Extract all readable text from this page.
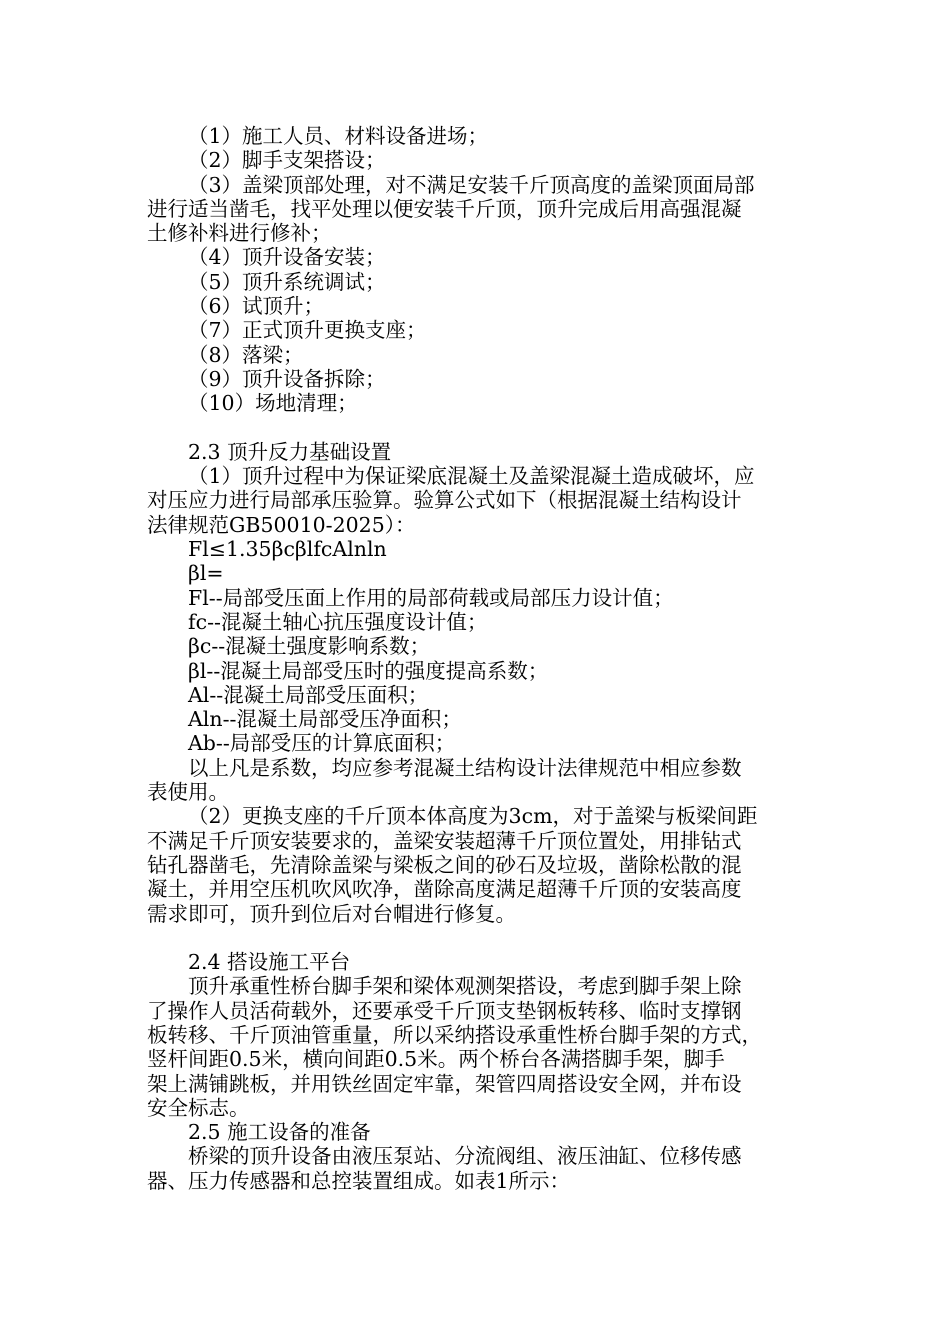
（1）施工人员、材料设备进场；
（2）脚手支架搭设；
（3）盖梁顶部处理，对不满足安装千斤顶高度的盖梁顶面局部
进行适当凿毛，找平处理以便安装千斤顶，顶升完成后用高强混凝
土修补料进行修补；
（4）顶升设备安装；
（5）顶升系统调试；
（6）试顶升；
（7）正式顶升更换支座；
（8）落梁；
（9）顶升设备拆除；
（10）场地清理；
2.3 顶升反力基础设置
（1）顶升过程中为保证梁底混凝土及盖梁混凝土造成破坏，应
对压应力进行局部承压验算。验算公式如下（根据混凝土结构设计
法律规范GB50010-2025）：
Fl≤1.35βcβlfcAlnln
βl=
Fl--局部受压面上作用的局部荷载或局部压力设计值；
fc--混凝土轴心抗压强度设计值；
βc--混凝土强度影响系数；
βl--混凝土局部受压时的强度提高系数；
Al--混凝土局部受压面积；
Aln--混凝土局部受压净面积；
Ab--局部受压的计算底面积；
以上凡是系数，均应参考混凝土结构设计法律规范中相应参数
表使用。
（2）更换支座的千斤顶本体高度为3cm，对于盖梁与板梁间距
不满足千斤顶安装要求的，盖梁安装超薄千斤顶位置处，用排钻式
钻孔器凿毛，先清除盖梁与梁板之间的砂石及垃圾，凿除松散的混
凝土，并用空压机吹风吹净，凿除高度满足超薄千斤顶的安装高度
需求即可，顶升到位后对台帽进行修复。
2.4 搭设施工平台
顶升承重性桥台脚手架和梁体观测架搭设，考虑到脚手架上除
了操作人员活荷载外，还要承受千斤顶支垫钢板转移、临时支撑钢
板转移、千斤顶油管重量，所以采纳搭设承重性桥台脚手架的方式，
竖杆间距0.5米，横向间距0.5米。两个桥台各满搭脚手架，脚手
架上满铺跳板，并用铁丝固定牢靠，架管四周搭设安全网，并布设
安全标志。
2.5 施工设备的准备
桥梁的顶升设备由液压泵站、分流阀组、液压油缸、位移传感
器、压力传感器和总控装置组成。如表1所示：
